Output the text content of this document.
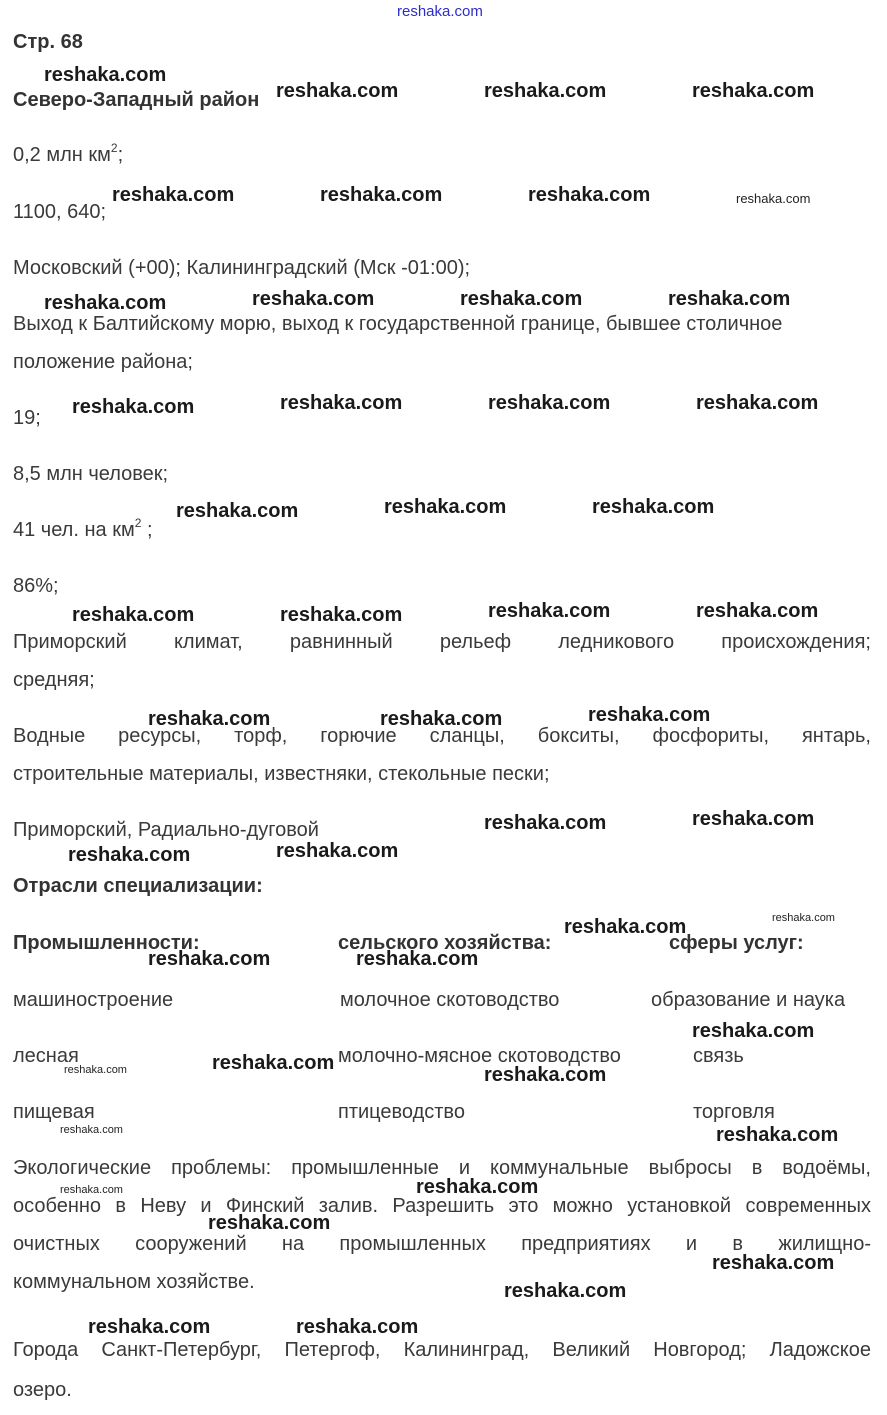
reshaka.com
Стр. 68
Северо-Западный район
0,2 млн $км^2$;
1100, 640;
Московский (+00); Калининградский (Мск -01:00);
Выход к Балтийскому морю, выход к государственной границе, бывшее столичное
положение района;
19;
8,5 млн человек;
41 чел. на $км^2$ ;
86%;
Приморский климат, равнинный рельеф ледникового происхождения;
средняя;
Водные ресурсы, торф, горючие сланцы, бокситы, фосфориты, янтарь,
строительные материалы, известняки, стекольные пески;
Приморский, Радиально-дуговой
Отрасли специализации:
Промышленности:	сельского хозяйства:	сферы услуг:
машиностроение	молочное скотоводство	образование и наука
лесная	молочно-мясное скотоводство	связь
пищевая	птицеводство	торговля
Экологические проблемы: промышленные и коммунальные выбросы в водоёмы,
особенно в Неву и Финский залив. Разрешить это можно установкой современных
очистных сооружений на промышленных предприятиях и в жилищно-
коммунальном хозяйстве.
Города Санкт-Петербург, Петергоф, Калининград, Великий Новгород; Ладожское
озеро.
reshaka.com
reshaka.com	reshaka.com	reshaka.com
reshaka.com	reshaka.com	reshaka.com	reshaka.com
reshaka.com	reshaka.com	reshaka.com	reshaka.com
reshaka.com	reshaka.com	reshaka.com	reshaka.com
reshaka.com	reshaka.com	reshaka.com
reshaka.com	reshaka.com	reshaka.com	reshaka.com
reshaka.com	reshaka.com	reshaka.com
reshaka.com	reshaka.com
reshaka.com	reshaka.com
reshaka.com	reshaka.com
reshaka.com	reshaka.com
reshaka.com
reshaka.com
reshaka.com	reshaka.com
reshaka.com	reshaka.com
reshaka.com	reshaka.com
reshaka.com
reshaka.com
reshaka.com
reshaka.com	reshaka.com
